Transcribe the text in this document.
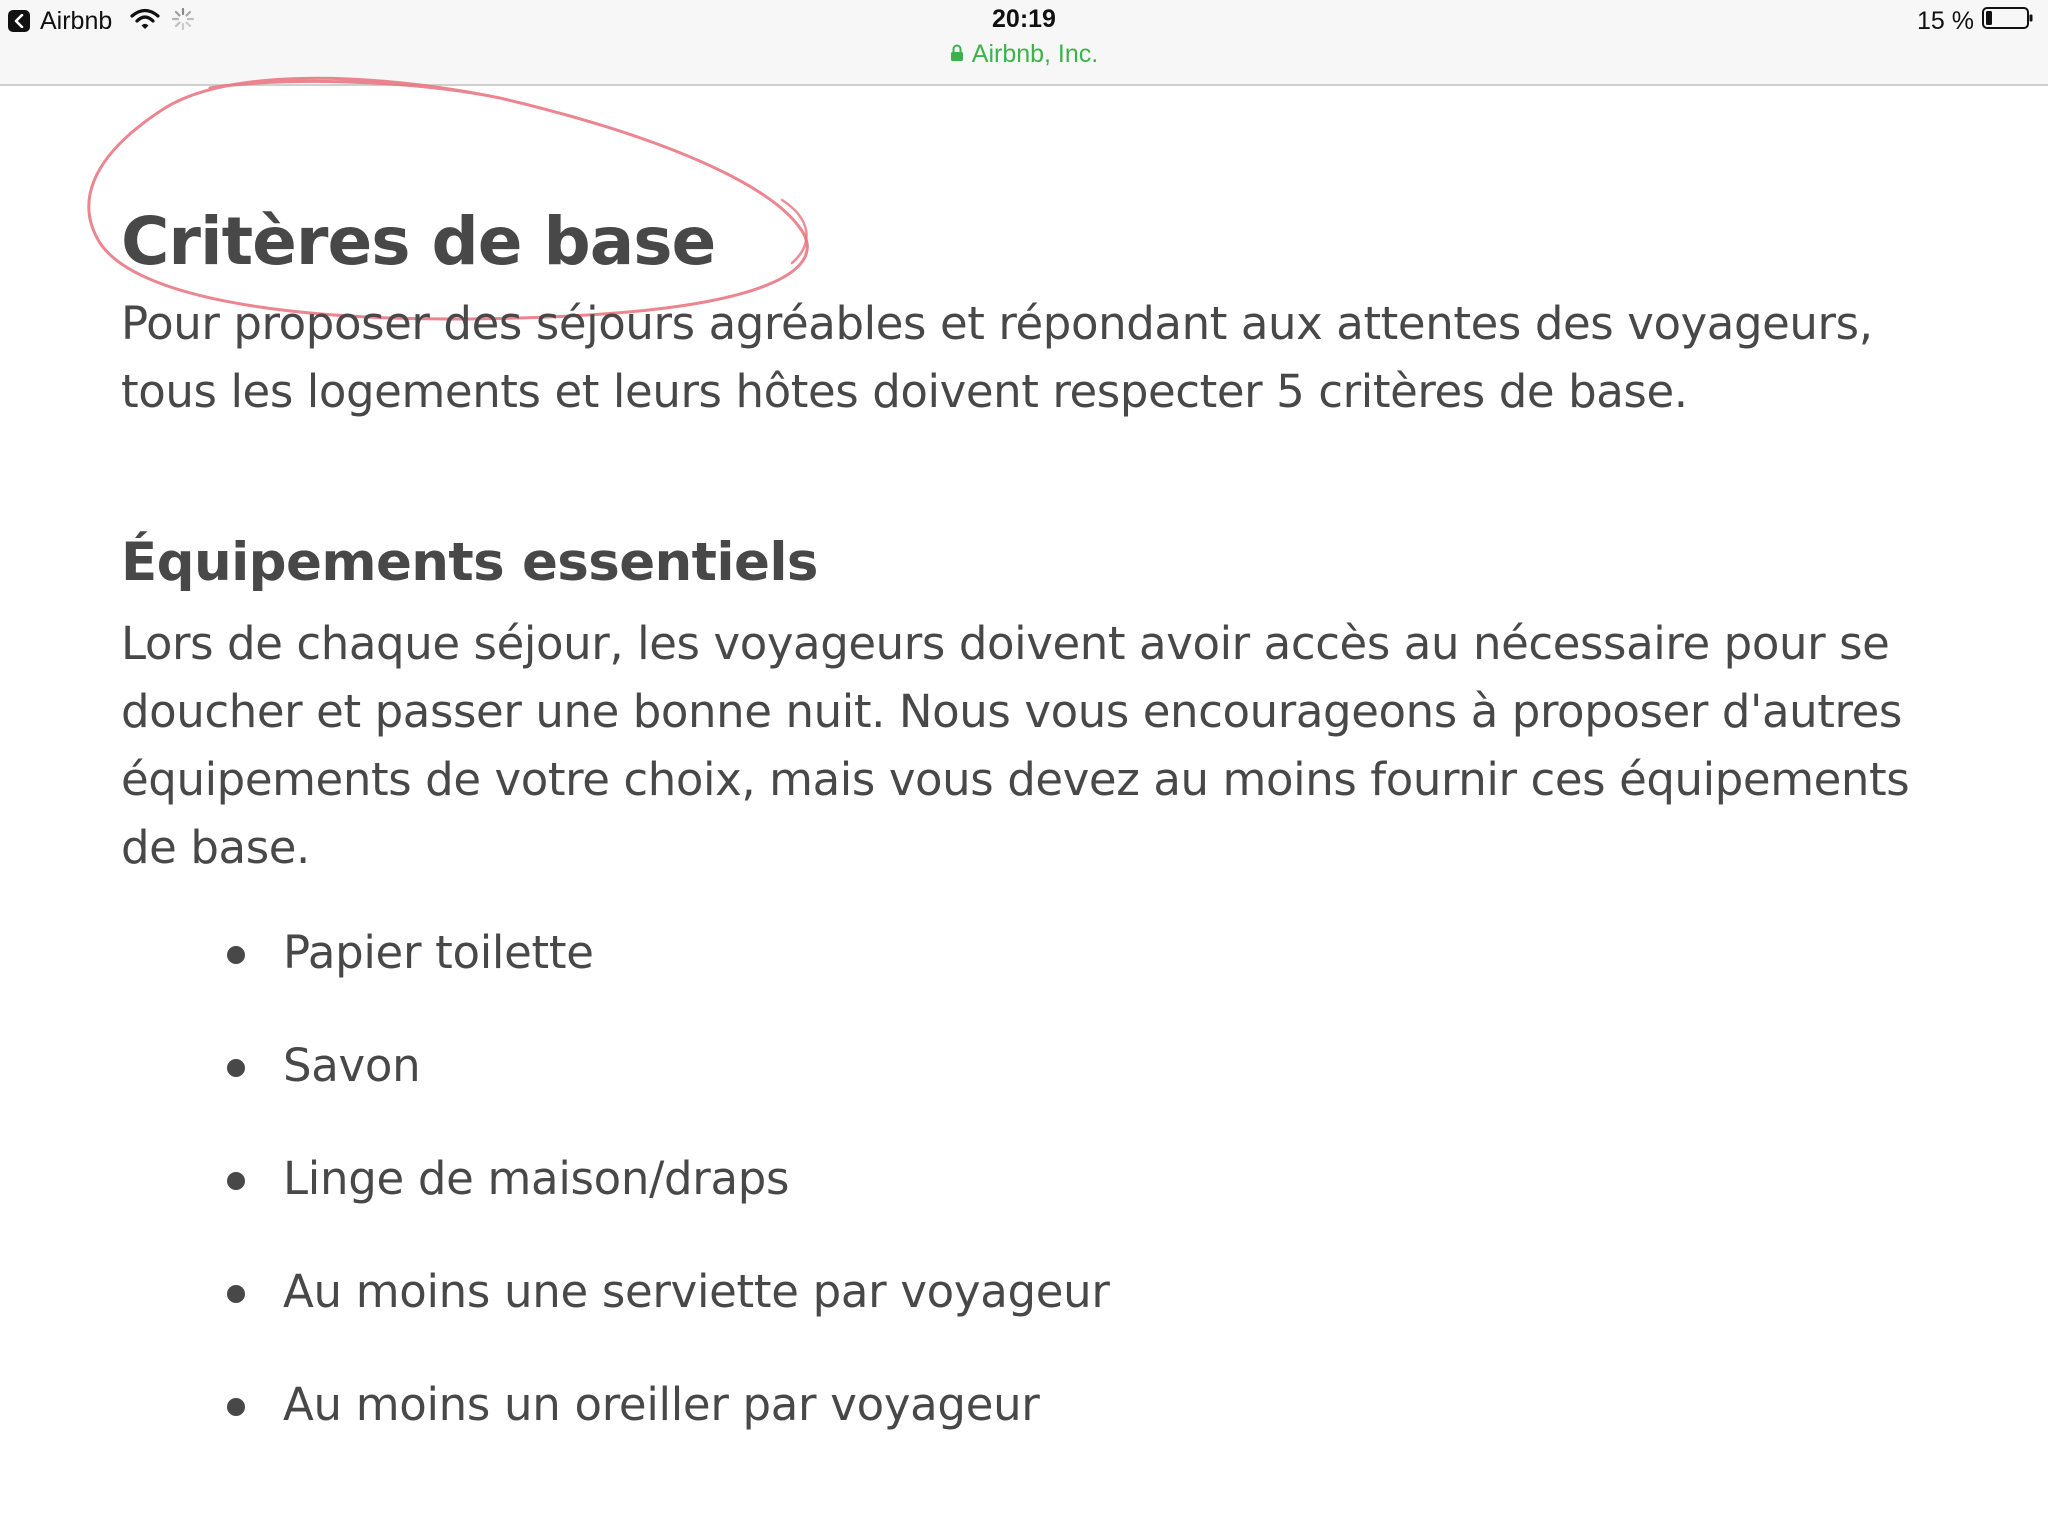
Airbnb	20:19
Airbnb, Inc.
15 %
Critères de base

Pour proposer des séjours agréables et répondant aux attentes des voyageurs, tous les logements et leurs hôtes doivent respecter 5 critères de base.

Équipements essentiels

Lors de chaque séjour, les voyageurs doivent avoir accès au nécessaire pour se doucher et passer une bonne nuit. Nous vous encourageons à proposer d'autres équipements de votre choix, mais vous devez au moins fournir ces équipements de base.

Papier toilette
Savon
Linge de maison/draps
Au moins une serviette par voyageur
Au moins un oreiller par voyageur
